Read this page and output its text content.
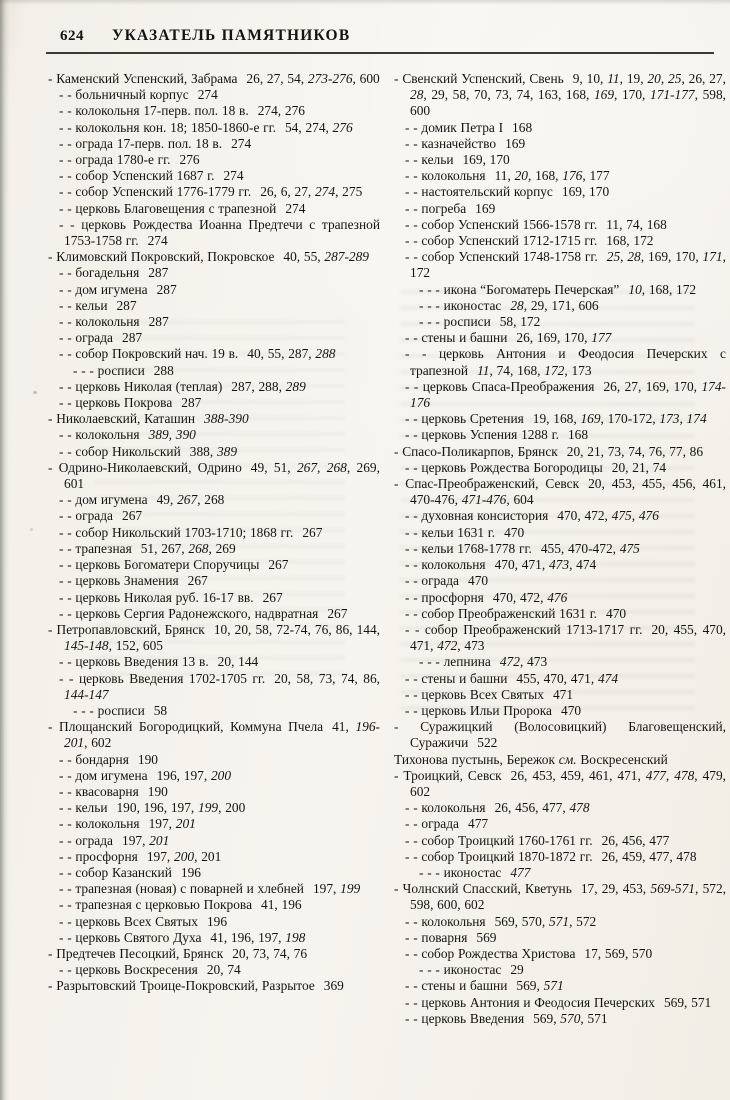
624 УКАЗАТЕЛЬ ПАМЯТНИКОВ
- Каменский Успенский, Забрама 26, 27, 54, 273-276, 600
- - больничный корпус 274
- - колокольня 17-перв. пол. 18 в. 274, 276
- - колокольня кон. 18; 1850-1860-е гг. 54, 274, 276
- - ограда 17-перв. пол. 18 в. 274
- - ограда 1780-е гг. 276
- - собор Успенский 1687 г. 274
- - собор Успенский 1776-1779 гг. 26, 6, 27, 274, 275
- - церковь Благовещения с трапезной 274
- - церковь Рождества Иоанна Предтечи с трапезной 1753-1758 гг. 274
- Климовский Покровский, Покровское 40, 55, 287-289
- - богадельня 287
- - дом игумена 287
- - кельи 287
- - колокольня 287
- - ограда 287
- - собор Покровский нач. 19 в. 40, 55, 287, 288
- - - росписи 288
- - церковь Николая (теплая) 287, 288, 289
- - церковь Покрова 287
- Николаевский, Каташин 388-390
- - колокольня 389, 390
- - собор Никольский 388, 389
- Одрино-Николаевский, Одрино 49, 51, 267, 268, 269, 601
- - дом игумена 49, 267, 268
- - ограда 267
- - собор Никольский 1703-1710; 1868 гг. 267
- - трапезная 51, 267, 268, 269
- - церковь Богоматери Споручицы 267
- - церковь Знамения 267
- - церковь Николая руб. 16-17 вв. 267
- - церковь Сергия Радонежского, надвратная 267
- Петропавловский, Брянск 10, 20, 58, 72-74, 76, 86, 144, 145-148, 152, 605
- - церковь Введения 13 в. 20, 144
- - церковь Введения 1702-1705 гг. 20, 58, 73, 74, 86, 144-147
- - - росписи 58
- Площанский Богородицкий, Коммуна Пчела 41, 196-201, 602
- - бондарня 190
- - дом игумена 196, 197, 200
- - квасоварня 190
- - кельи 190, 196, 197, 199, 200
- - колокольня 197, 201
- - ограда 197, 201
- - просфорня 197, 200, 201
- - собор Казанский 196
- - трапезная (новая) с поварней и хлебней 197, 199
- - трапезная с церковью Покрова 41, 196
- - церковь Всех Святых 196
- - церковь Святого Духа 41, 196, 197, 198
- Предтечев Песоцкий, Брянск 20, 73, 74, 76
- - церковь Воскресения 20, 74
- Разрытовский Троице-Покровский, Разрытое 369
- Свенский Успенский, Свень 9, 10, 11, 19, 20, 25, 26, 27, 28, 29, 58, 70, 73, 74, 163, 168, 169, 170, 171-177, 598, 600
- - домик Петра I 168
- - казначейство 169
- - кельи 169, 170
- - колокольня 11, 20, 168, 176, 177
- - настоятельский корпус 169, 170
- - погреба 169
- - собор Успенский 1566-1578 гг. 11, 74, 168
- - собор Успенский 1712-1715 гг. 168, 172
- - собор Успенский 1748-1758 гг. 25, 28, 169, 170, 171, 172
- - - икона “Богоматерь Печерская” 10, 168, 172
- - - иконостас 28, 29, 171, 606
- - - росписи 58, 172
- - стены и башни 26, 169, 170, 177
- - церковь Антония и Феодосия Печерских с трапезной 11, 74, 168, 172, 173
- - церковь Спаса-Преображения 26, 27, 169, 170, 174-176
- - церковь Сретения 19, 168, 169, 170-172, 173, 174
- - церковь Успения 1288 г. 168
- Спасо-Поликарпов, Брянск 20, 21, 73, 74, 76, 77, 86
- - церковь Рождества Богородицы 20, 21, 74
- Спас-Преображенский, Севск 20, 453, 455, 456, 461, 470-476, 471-476, 604
- - духовная консистория 470, 472, 475, 476
- - кельи 1631 г. 470
- - кельи 1768-1778 гг. 455, 470-472, 475
- - колокольня 470, 471, 473, 474
- - ограда 470
- - просфорня 470, 472, 476
- - собор Преображенский 1631 г. 470
- - собор Преображенский 1713-1717 гг. 20, 455, 470, 471, 472, 473
- - - лепнина 472, 473
- - стены и башни 455, 470, 471, 474
- - церковь Всех Святых 471
- - церковь Ильи Пророка 470
- Суражицкий (Волосовицкий) Благовещенский, Суражичи 522
Тихонова пустынь, Бережок см. Воскресенский
- Троицкий, Севск 26, 453, 459, 461, 471, 477, 478, 479, 602
- - колокольня 26, 456, 477, 478
- - ограда 477
- - собор Троицкий 1760-1761 гг. 26, 456, 477
- - собор Троицкий 1870-1872 гг. 26, 459, 477, 478
- - - иконостас 477
- Чолнский Спасский, Кветунь 17, 29, 453, 569-571, 572, 598, 600, 602
- - колокольня 569, 570, 571, 572
- - поварня 569
- - собор Рождества Христова 17, 569, 570
- - - иконостас 29
- - стены и башни 569, 571
- - церковь Антония и Феодосия Печерских 569, 571
- - церковь Введения 569, 570, 571
